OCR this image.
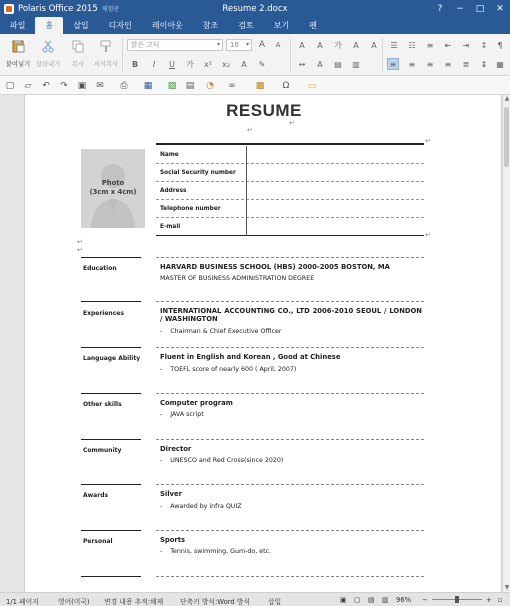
Polaris Office 2015 체험판	Resume 2.docx	?	−	□	✕
파일	홈	삽입	디자인	레이아웃	참조	검토	보기	펜
붙여넣기 잘라내기 복사 서식복사
맑은 고딕	▾	10 ▾	A	A
B	I	U	가 x² x₂	A	✎
A	A	가	A	A
↔	A	▤ ▥
☰	☷	≡	⇤	⇥	↕	¶
≡	≡	≡	≡	≣	↨	▦
▢ ▱ ↶ ↷ ▣ ✉ ⎙ ▦ ▨ ▤ ◔ ∞ ▩ Ω ▭
RESUME
↵
↵
↵
Photo
(3cm x 4cm)
Name
Social Security number
Address
Telephone number
E-mail
↵
↵
↵
Education	HARVARD BUSINESS SCHOOL (HBS) 2000-2005 BOSTON, MA
MASTER OF BUSINESS ADMINISTRATION DEGREE
Experiences	INTERNATIONAL ACCOUNTING CO., LTD 2006-2010 SEOUL / LONDON / WASHINGTON
-    Chairman & Chief Executive Officer
Language Ability	Fluent in English and Korean , Good at Chinese
-    TOEFL score of nearly 600 ( April, 2007)
Other skills	Computer program
-    JAVA script
Community	Director
-    UNESCO and Red Cross(since 2020)
Awards	Silver
-    Awarded by infra QUIZ
Personal	Sports
-    Tennis, swimming, Gum-do, etc.
▲
▼
1/1 페이지	영어(미국) 변경 내용 추적:해제 단축키 방식:Word 방식	삽입	▣ ▢ ▤ ▥ 96% −	+ ▫
